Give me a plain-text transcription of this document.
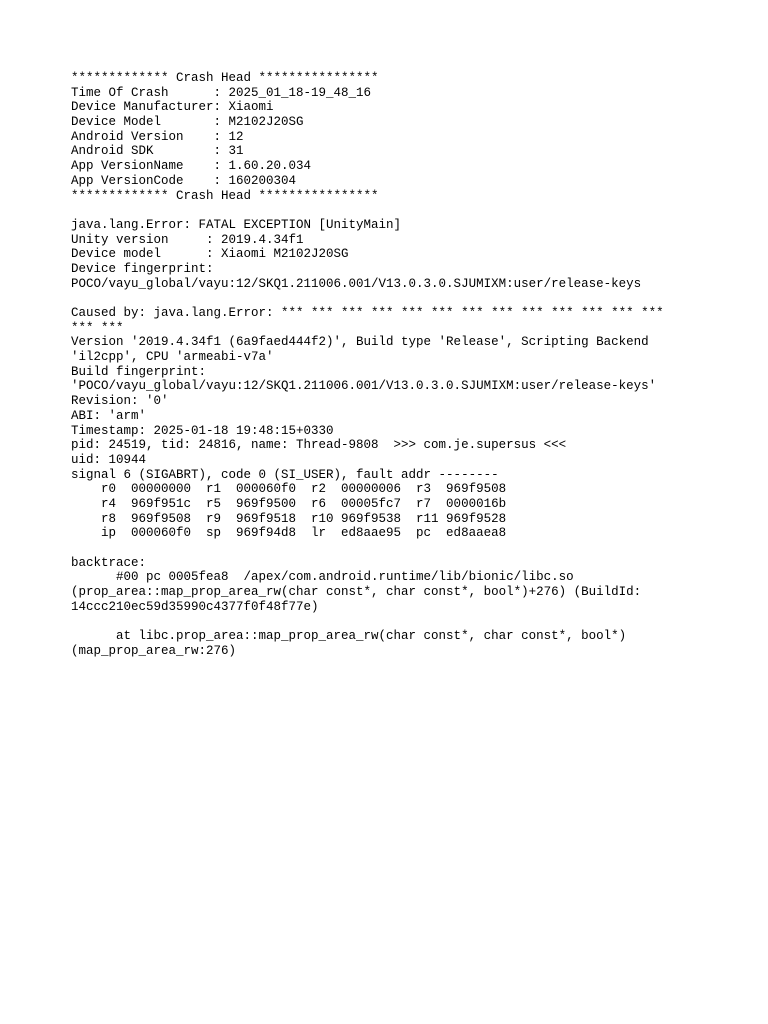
************* Crash Head ****************
Time Of Crash      : 2025_01_18-19_48_16
Device Manufacturer: Xiaomi
Device Model       : M2102J20SG
Android Version    : 12
Android SDK        : 31
App VersionName    : 1.60.20.034
App VersionCode    : 160200304
************* Crash Head ****************
java.lang.Error: FATAL EXCEPTION [UnityMain]
Unity version     : 2019.4.34f1
Device model      : Xiaomi M2102J20SG
Device fingerprint:
POCO/vayu_global/vayu:12/SKQ1.211006.001/V13.0.3.0.SJUMIXM:user/release-keys
Caused by: java.lang.Error: *** *** *** *** *** *** *** *** *** *** *** *** ***
*** ***
Version '2019.4.34f1 (6a9faed444f2)', Build type 'Release', Scripting Backend
'il2cpp', CPU 'armeabi-v7a'
Build fingerprint:
'POCO/vayu_global/vayu:12/SKQ1.211006.001/V13.0.3.0.SJUMIXM:user/release-keys'
Revision: '0'
ABI: 'arm'
Timestamp: 2025-01-18 19:48:15+0330
pid: 24519, tid: 24816, name: Thread-9808  >>> com.je.supersus <<<
uid: 10944
signal 6 (SIGABRT), code 0 (SI_USER), fault addr --------
r0  00000000  r1  000060f0  r2  00000006  r3  969f9508
r4  969f951c  r5  969f9500  r6  00005fc7  r7  0000016b
r8  969f9508  r9  969f9518  r10 969f9538  r11 969f9528
ip  000060f0  sp  969f94d8  lr  ed8aae95  pc  ed8aaea8
backtrace:
#00 pc 0005fea8  /apex/com.android.runtime/lib/bionic/libc.so
(prop_area::map_prop_area_rw(char const*, char const*, bool*)+276) (BuildId:
14ccc210ec59d35990c4377f0f48f77e)
at libc.prop_area::map_prop_area_rw(char const*, char const*, bool*)
(map_prop_area_rw:276)
